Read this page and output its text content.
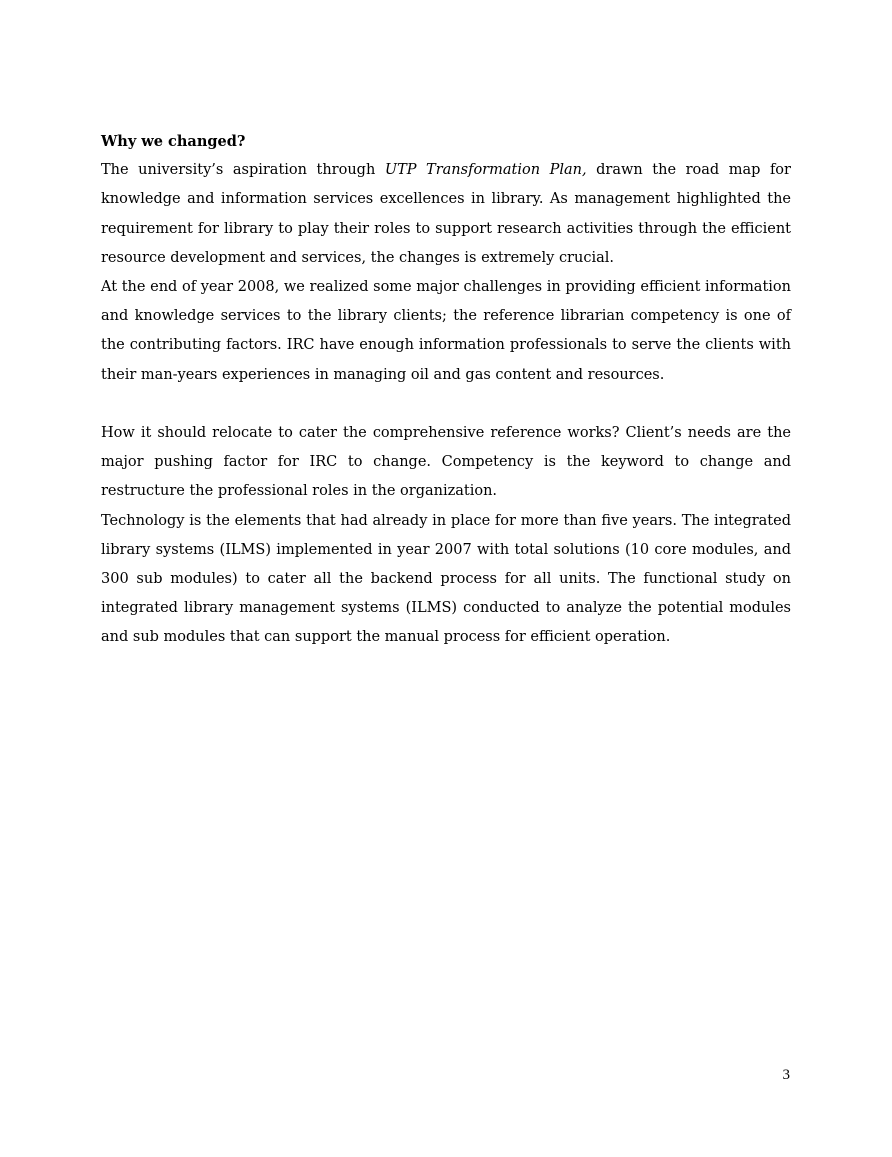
Why we changed?

The university’s aspiration through UTP Transformation Plan, drawn the road map for knowledge and information services excellences in library. As management highlighted the requirement for library to play their roles to support research activities through the efficient resource development and services, the changes is extremely crucial.

At the end of year 2008, we realized some major challenges in providing efficient information and knowledge services to the library clients; the reference librarian competency is one of the contributing factors. IRC have enough information professionals to serve the clients with their man-years experiences in managing oil and gas content and resources.

How it should relocate to cater the comprehensive reference works? Client’s needs are the major pushing factor for IRC to change. Competency is the keyword to change and restructure the professional roles in the organization.

Technology is the elements that had already in place for more than five years. The integrated library systems (ILMS) implemented in year 2007 with total solutions (10 core modules, and 300 sub modules) to cater all the backend process for all units. The functional study on integrated library management systems (ILMS) conducted to analyze the potential modules and sub modules that can support the manual process for efficient operation.

3
